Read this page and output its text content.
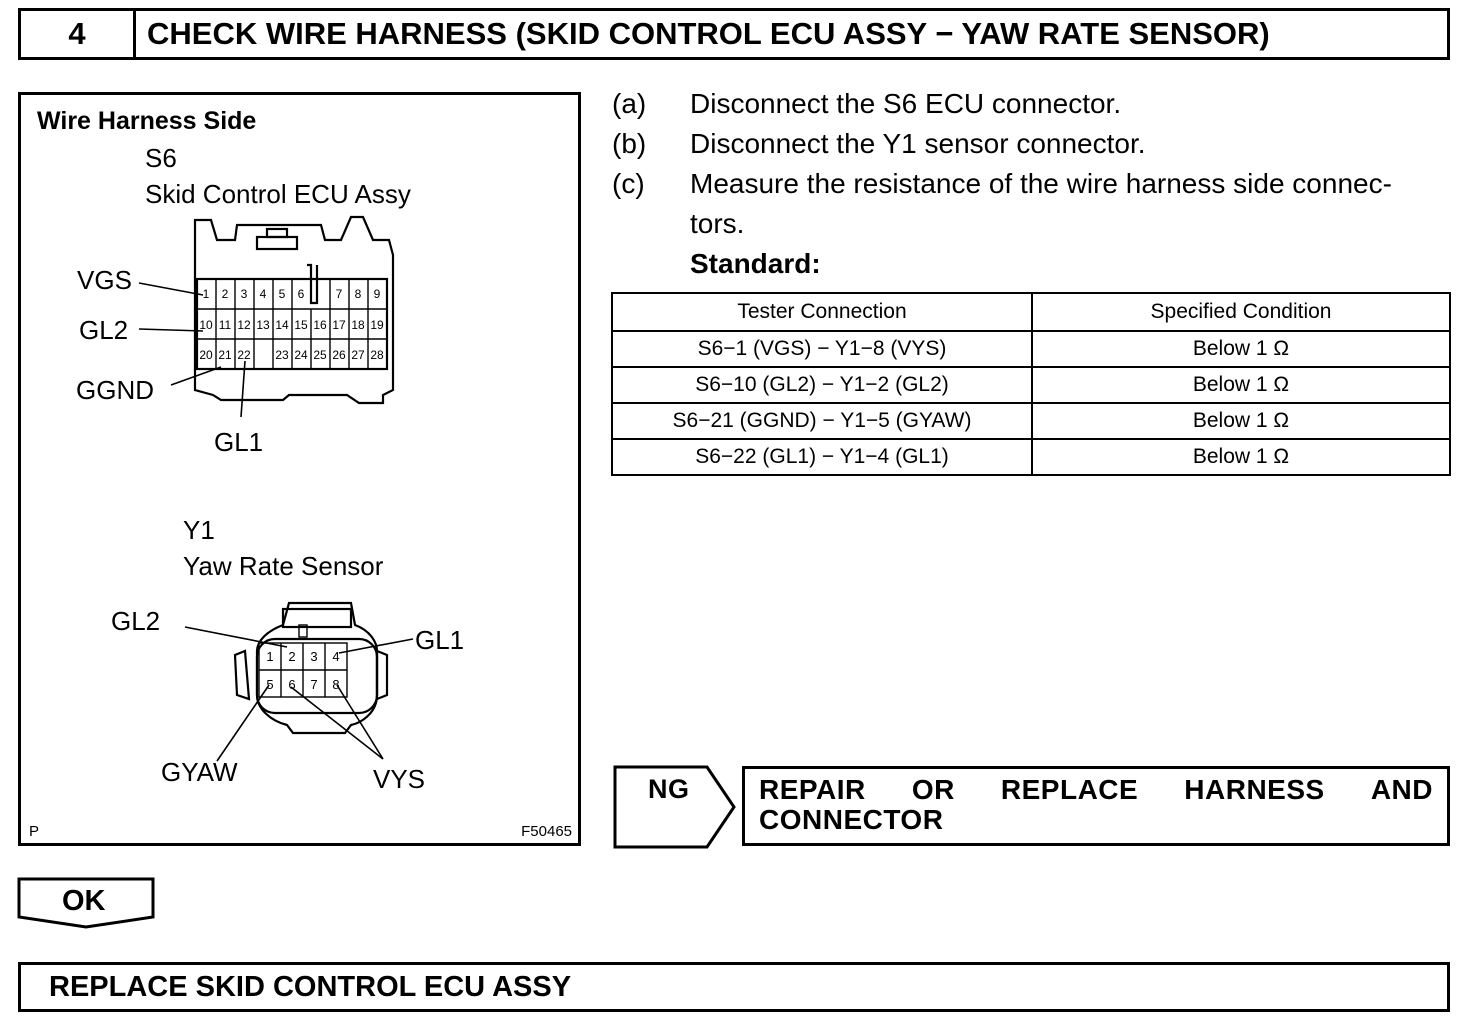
4	CHECK WIRE HARNESS (SKID CONTROL ECU ASSY − YAW RATE SENSOR)
Wire Harness Side
S6
Skid Control ECU Assy
1 2 3 4 5 6	7 8 9
10 11 12 13 14 15 16 17 18 19
20 21 22 23 24 25 26 27 28
1 2 3 4
5 6 7 8
VGS
GL2
GGND
GL1
Y1
Yaw Rate Sensor
GL2
GL1
GYAW	VYS
P	F50465
(a) Disconnect the S6 ECU connector.
(b) Disconnect the Y1 sensor connector.
(c) Measure the resistance of the wire harness side connec-
tors.
Standard:
Tester Connection	Specified Condition
S6−1 (VGS) − Y1−8 (VYS)	Below 1 Ω
S6−10 (GL2) − Y1−2 (GL2)	Below 1 Ω
S6−21 (GGND) − Y1−5 (GYAW)	Below 1 Ω
S6−22 (GL1) − Y1−4 (GL1)	Below 1 Ω
NG REPAIR OR REPLACE HARNESS AND
CONNECTOR
OK
REPLACE SKID CONTROL ECU ASSY
